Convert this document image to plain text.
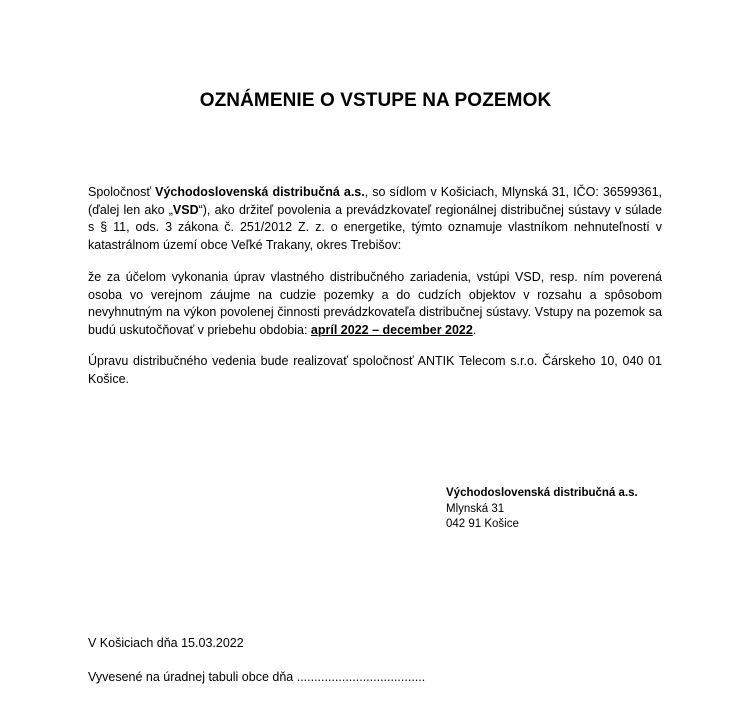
OZNÁMENIE O VSTUPE NA POZEMOK
Spoločnosť Východoslovenská distribučná a.s., so sídlom v Košiciach, Mlynská 31, IČO: 36599361, (ďalej len ako „VSD“), ako držiteľ povolenia a prevádzkovateľ regionálnej distribučnej sústavy v súlade s § 11, ods. 3 zákona č. 251/2012 Z. z. o energetike, týmto oznamuje vlastníkom nehnuteľností v katastrálnom území obce Veľké Trakany, okres Trebišov:
že za účelom vykonania úprav vlastného distribučného zariadenia, vstúpi VSD, resp. ním poverená osoba vo verejnom záujme na cudzie pozemky a do cudzích objektov v rozsahu a spôsobom nevyhnutným na výkon povolenej činnosti prevádzkovateľa distribučnej sústavy. Vstupy na pozemok sa budú uskutočňovať v priebehu obdobia: apríl 2022 – december 2022.
Úpravu distribučného vedenia bude realizovať spoločnosť ANTIK Telecom s.r.o. Čárskeho 10, 040 01 Košice.
Východoslovenská distribučná a.s.
Mlynská 31
042 91 Košice
V Košiciach dňa 15.03.2022
Vyvesené na úradnej tabuli obce dňa .....................................
